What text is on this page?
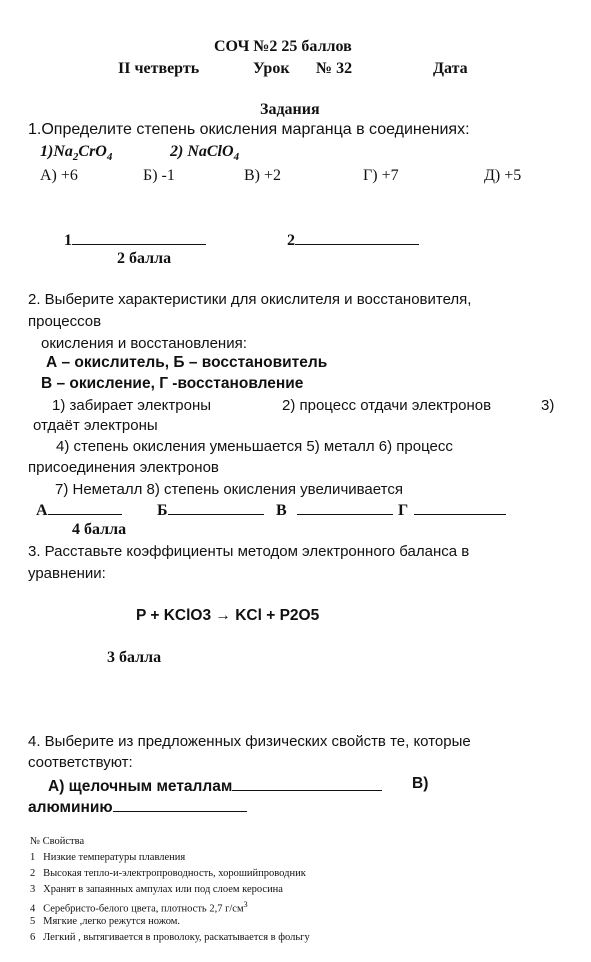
СОЧ №2 25 баллов
II четверть	Урок № 32	Дата
Задания
1.Определите степень окисления марганца в соединениях:
$1)Na_2CrO_4$	2) NaClO$_4$
А) +6	Б) -1	В) +2	Г) +7	Д) +5
1	2
2 балла
2. Выберите характеристики для окислителя и восстановителя,
процессов
окисления и восстановления:
А – окислитель, Б – восстановитель
В – окисление, Г -восстановление
1) забирает электроны	2) процесс отдачи электронов	3)
отдаёт электроны
4) степень окисления уменьшается 5) металл 6) процесс
присоединения электронов
7) Неметалл 8) степень окисления увеличивается
А	Б	В	Г
4 балла
3. Расставьте коэффициенты методом электронного баланса в
уравнении:
P + KClO3 → KCl + P2O5
3 балла
4. Выберите из предложенных физических свойств те, которые
соответствуют:
А) щелочным металлам	В)
алюминию
№ Свойства
1 Низкие температуры плавления
2 Высокая тепло-и-электропроводность, хорошийпроводник
3 Хранят в запаянных ампулах или под слоем керосина
4 Серебристо-белого цвета, плотность 2,7 $г/см^3$
5 Мягкие ,легко режутся ножом.
6 Легкий , вытягивается в проволоку, раскатывается в фольгу
